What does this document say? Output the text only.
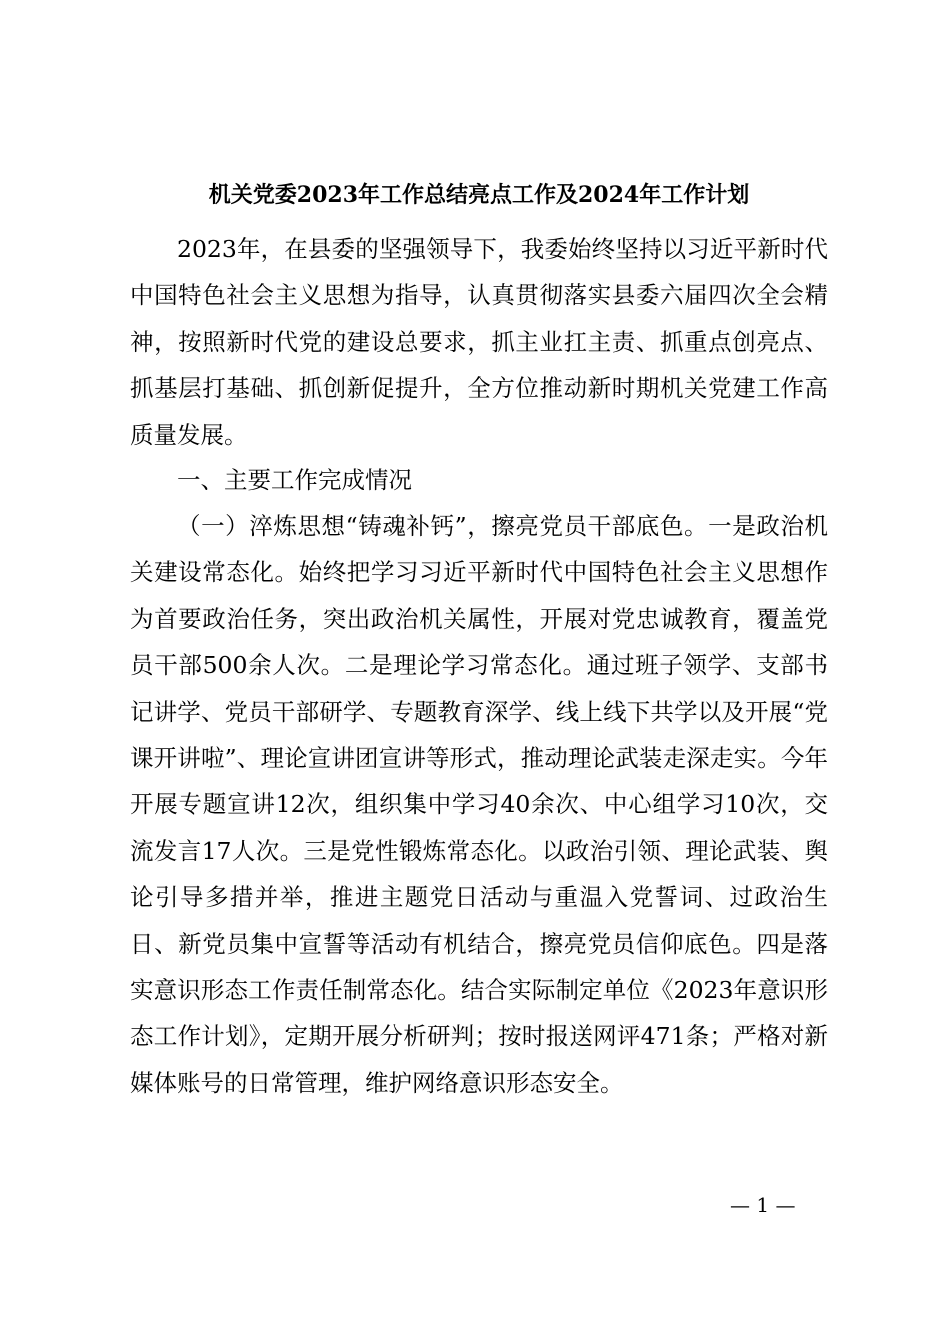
机关党委2023年工作总结亮点工作及2024年工作计划

2023年，在县委的坚强领导下，我委始终坚持以习近平新时代中国特色社会主义思想为指导，认真贯彻落实县委六届四次全会精神，按照新时代党的建设总要求，抓主业扛主责、抓重点创亮点、抓基层打基础、抓创新促提升，全方位推动新时期机关党建工作高质量发展。

一、主要工作完成情况

（一）淬炼思想“铸魂补钙”，擦亮党员干部底色。一是政治机关建设常态化。始终把学习习近平新时代中国特色社会主义思想作为首要政治任务，突出政治机关属性，开展对党忠诚教育，覆盖党员干部500余人次。二是理论学习常态化。通过班子领学、支部书记讲学、党员干部研学、专题教育深学、线上线下共学以及开展“党课开讲啦”、理论宣讲团宣讲等形式，推动理论武装走深走实。今年开展专题宣讲12次，组织集中学习40余次、中心组学习10次，交流发言17人次。三是党性锻炼常态化。以政治引领、理论武装、舆论引导多措并举，推进主题党日活动与重温入党誓词、过政治生日、新党员集中宣誓等活动有机结合，擦亮党员信仰底色。四是落实意识形态工作责任制常态化。结合实际制定单位《2023年意识形态工作计划》，定期开展分析研判；按时报送网评471条；严格对新媒体账号的日常管理，维护网络意识形态安全。

— 1 —
